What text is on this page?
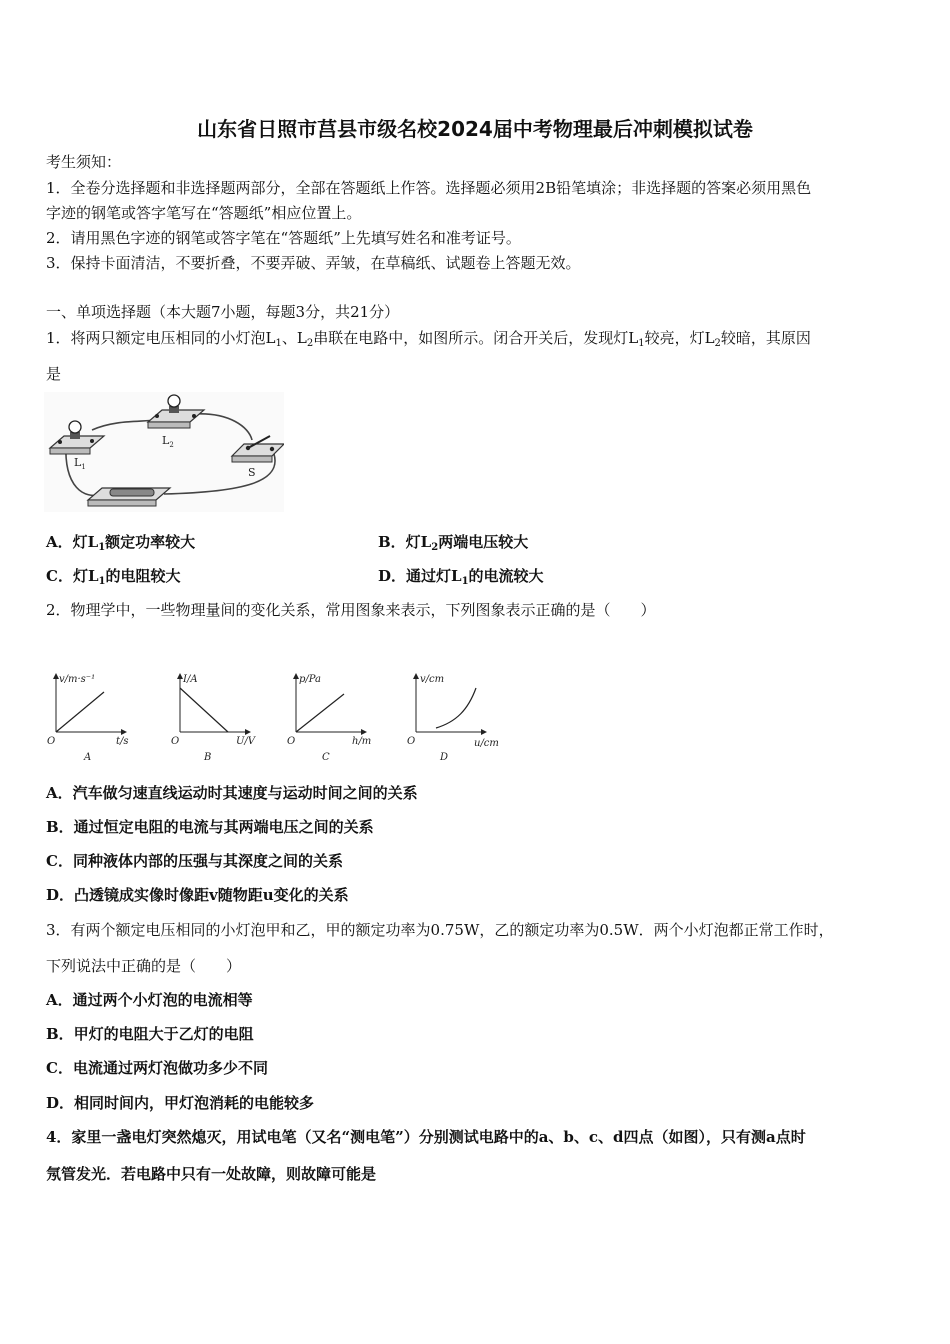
山东省日照市莒县市级名校2024届中考物理最后冲刺模拟试卷
考生须知：
1．全卷分选择题和非选择题两部分，全部在答题纸上作答。选择题必须用2B铅笔填涂；非选择题的答案必须用黑色
字迹的钢笔或答字笔写在“答题纸”相应位置上。
2．请用黑色字迹的钢笔或答字笔在“答题纸”上先填写姓名和准考证号。
3．保持卡面清洁，不要折叠，不要弄破、弄皱，在草稿纸、试题卷上答题无效。
一、单项选择题（本大题7小题，每题3分，共21分）
1．将两只额定电压相同的小灯泡$L_1$、$L_2$串联在电路中，如图所示。闭合开关后，发现灯$L_1$较亮，灯$L_2$较暗，其原因
是
$L_1$
$L_2$
S
A．灯$L_1$额定功率较大	B．灯$L_2$两端电压较大
C．灯$L_1$的电阻较大	D．通过灯$L_1$的电流较大
2．物理学中，一些物理量间的变化关系，常用图象来表示，下列图象表示正确的是（　　）
v/m·s⁻¹
t/s
O
A
I/A
U/V
O
B
p/Pa
h/m
O
C
v/cm
u/cm
O
D
A．汽车做匀速直线运动时其速度与运动时间之间的关系
B．通过恒定电阻的电流与其两端电压之间的关系
C．同种液体内部的压强与其深度之间的关系
D．凸透镜成实像时像距v随物距u变化的关系
3．有两个额定电压相同的小灯泡甲和乙，甲的额定功率为0.75W，乙的额定功率为0.5W．两个小灯泡都正常工作时，
下列说法中正确的是（　　）
A．通过两个小灯泡的电流相等
B．甲灯的电阻大于乙灯的电阻
C．电流通过两灯泡做功多少不同
D．相同时间内，甲灯泡消耗的电能较多
4．家里一盏电灯突然熄灭，用试电笔（又名“测电笔”）分别测试电路中的a、b、c、d四点（如图），只有测a点时
氖管发光．若电路中只有一处故障，则故障可能是
